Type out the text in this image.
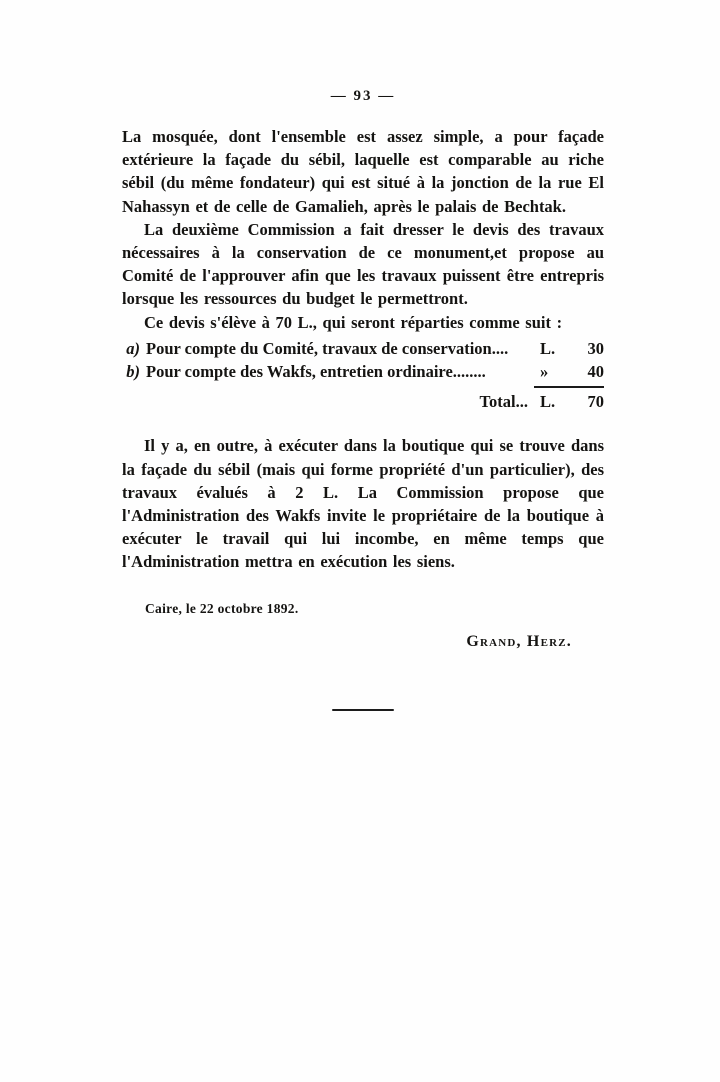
— 93 —

La mosquée, dont l'ensemble est assez simple, a pour façade extérieure la façade du sébil, laquelle est comparable au riche sébil (du même fondateur) qui est situé à la jonction de la rue El Nahassyn et de celle de Gamalieh, après le palais de Bechtak.

La deuxième Commission a fait dresser le devis des travaux nécessaires à la conservation de ce monument,et propose au Comité de l'approuver afin que les travaux puissent être entrepris lorsque les ressources du budget le permettront.

Ce devis s'élève à 70 L., qui seront réparties comme suit :

a) Pour compte du Comité, travaux de conservation....	L.	30
b) Pour compte des Wakfs, entretien ordinaire........	»	40
Total... L.	70

Il y a, en outre, à exécuter dans la boutique qui se trouve dans la façade du sébil (mais qui forme propriété d'un particulier), des travaux évalués à 2 L. La Commission propose que l'Administration des Wakfs invite le propriétaire de la boutique à exécuter le travail qui lui incombe, en même temps que l'Administration mettra en exécution les siens.

Caire, le 22 octobre 1892.
Grand, Herz.
